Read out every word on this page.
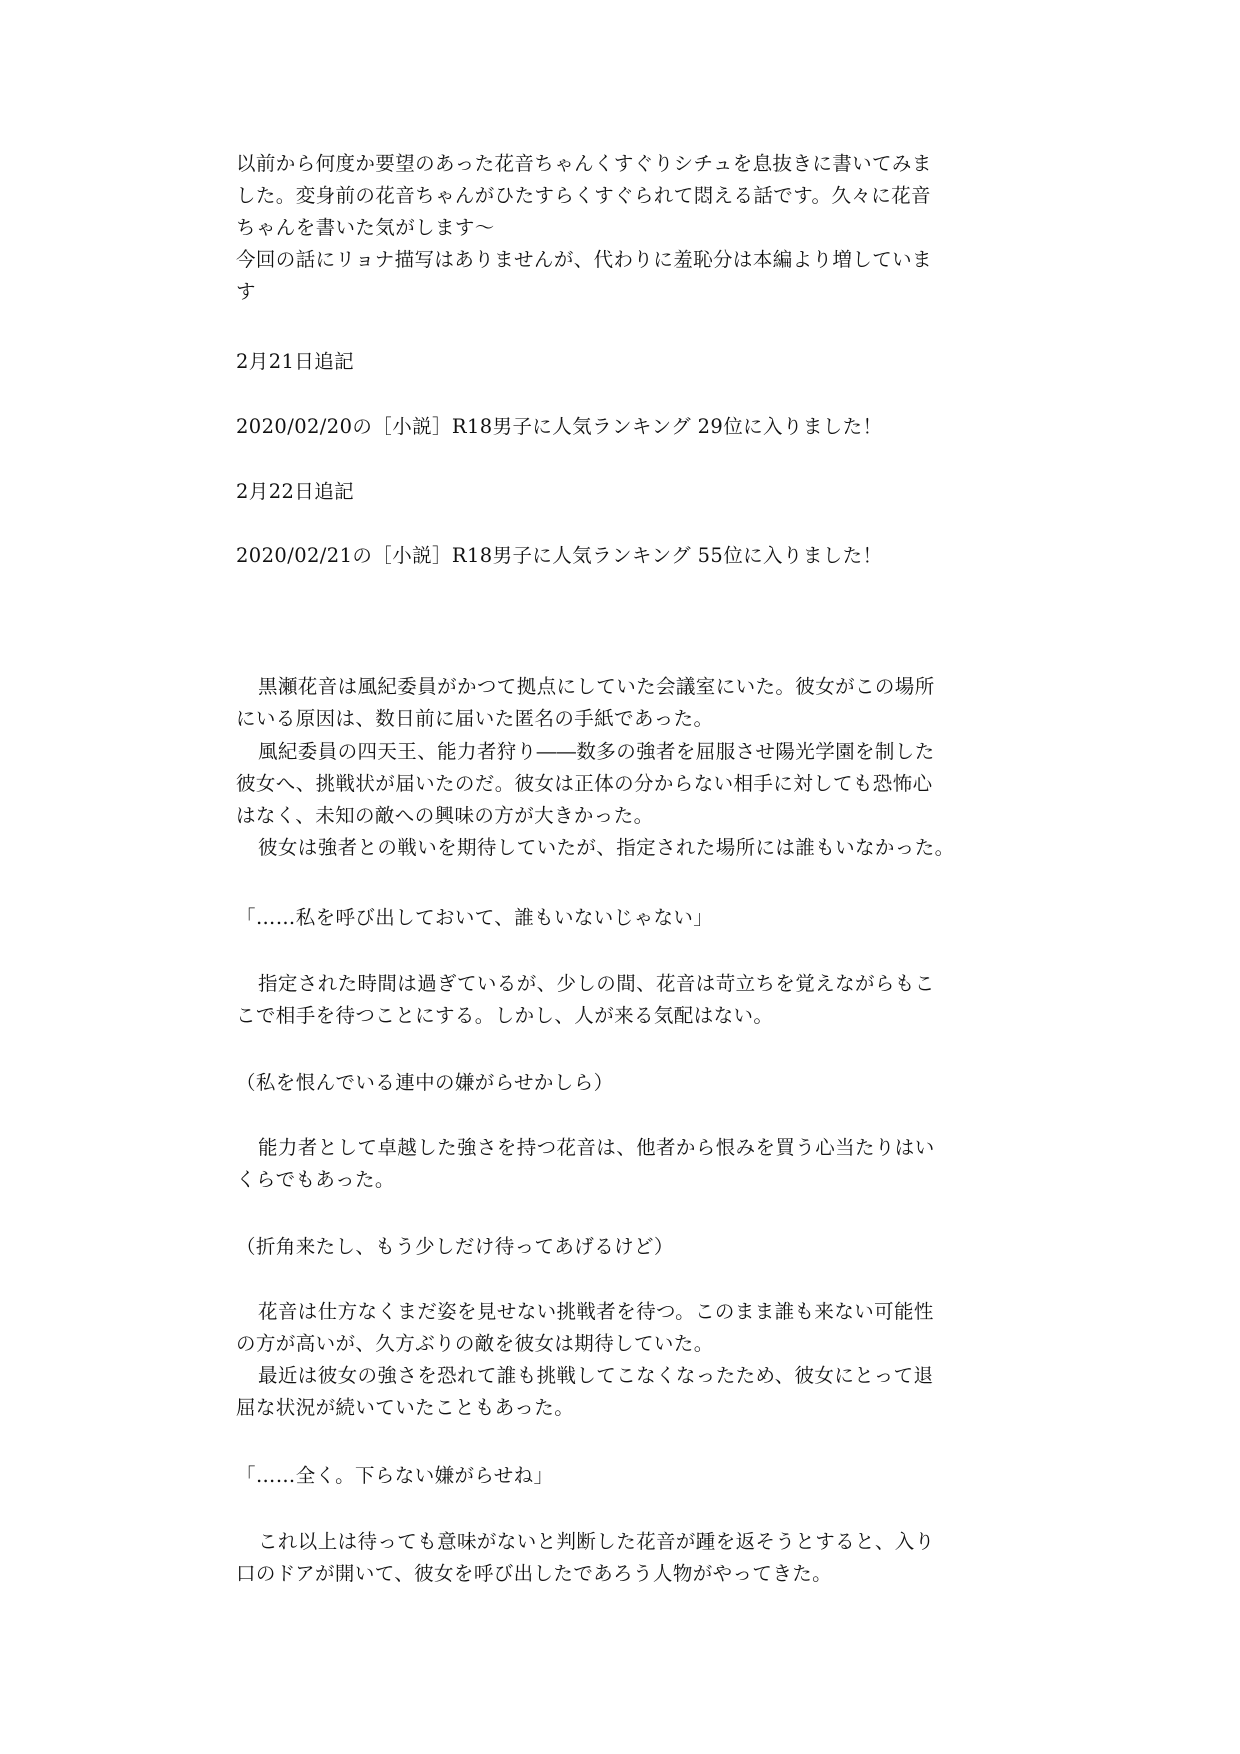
以前から何度か要望のあった花音ちゃんくすぐりシチュを息抜きに書いてみま
した。変身前の花音ちゃんがひたすらくすぐられて悶える話です。久々に花音
ちゃんを書いた気がします〜
今回の話にリョナ描写はありませんが、代わりに羞恥分は本編より増していま
す
2月21日追記
2020/02/20の［小説］R18男子に人気ランキング 29位に入りました！
2月22日追記
2020/02/21の［小説］R18男子に人気ランキング 55位に入りました！
黒瀬花音は風紀委員がかつて拠点にしていた会議室にいた。彼女がこの場所
にいる原因は、数日前に届いた匿名の手紙であった。
風紀委員の四天王、能力者狩り――数多の強者を屈服させ陽光学園を制した
彼女へ、挑戦状が届いたのだ。彼女は正体の分からない相手に対しても恐怖心
はなく、未知の敵への興味の方が大きかった。
彼女は強者との戦いを期待していたが、指定された場所には誰もいなかった。
「……私を呼び出しておいて、誰もいないじゃない」
指定された時間は過ぎているが、少しの間、花音は苛立ちを覚えながらもこ
こで相手を待つことにする。しかし、人が来る気配はない。
（私を恨んでいる連中の嫌がらせかしら）
能力者として卓越した強さを持つ花音は、他者から恨みを買う心当たりはい
くらでもあった。
（折角来たし、もう少しだけ待ってあげるけど）
花音は仕方なくまだ姿を見せない挑戦者を待つ。このまま誰も来ない可能性
の方が高いが、久方ぶりの敵を彼女は期待していた。
最近は彼女の強さを恐れて誰も挑戦してこなくなったため、彼女にとって退
屈な状況が続いていたこともあった。
「……全く。下らない嫌がらせね」
これ以上は待っても意味がないと判断した花音が踵を返そうとすると、入り
口のドアが開いて、彼女を呼び出したであろう人物がやってきた。
